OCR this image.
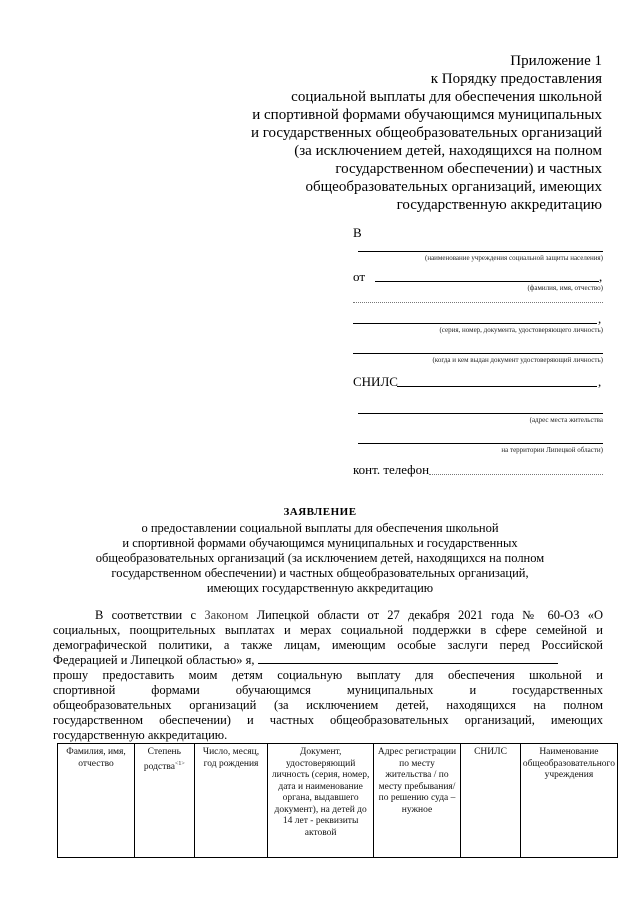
Приложение 1
к Порядку предоставления
социальной выплаты для обеспечения школьной
и спортивной формами обучающимся муниципальных
и государственных общеобразовательных организаций
(за исключением детей, находящихся на полном
государственном обеспечении) и частных
общеобразовательных организаций, имеющих
государственную аккредитацию
В
(наименование учреждения социальной защиты населения)
от	,
(фамилия, имя, отчество)
,
(серия, номер, документа, удостоверяющего личность)
(когда и кем выдан документ удостоверяющий личность)
СНИЛС	,
(адрес места жительства
на территории Липецкой области)
конт. телефон
ЗАЯВЛЕНИЕ
о предоставлении социальной выплаты для обеспечения школьной
и спортивной формами обучающимся муниципальных и государственных
общеобразовательных организаций (за исключением детей, находящихся на полном
государственном обеспечении) и частных общеобразовательных организаций,
имеющих государственную аккредитацию
В соответствии с Законом Липецкой области от 27 декабря 2021 года № 60-ОЗ «О
социальных, поощрительных выплатах и мерах социальной поддержки в сфере семейной и
демографической политики, а также лицам, имеющим особые заслуги перед Российской
Федерацией и Липецкой областью» я,
прошу предоставить моим детям социальную выплату для обеспечения школьной и
спортивной формами обучающимся муниципальных и государственных
общеобразовательных организаций (за исключением детей, находящихся на полном
государственном обеспечении) и частных общеобразовательных организаций, имеющих
государственную аккредитацию.
Фамилия, имя, отчество	Степень родства$^{<1>}$	Число, месяц, год рождения	Документ, удостоверяющий личность (серия, номер, дата и наименование органа, выдавшего документ), на детей до 14 лет - реквизиты актовой	Адрес регистрации по месту жительства / по месту пребывания/ по решению суда – нужное	СНИЛС	Наименование общеобразовательного учреждения
